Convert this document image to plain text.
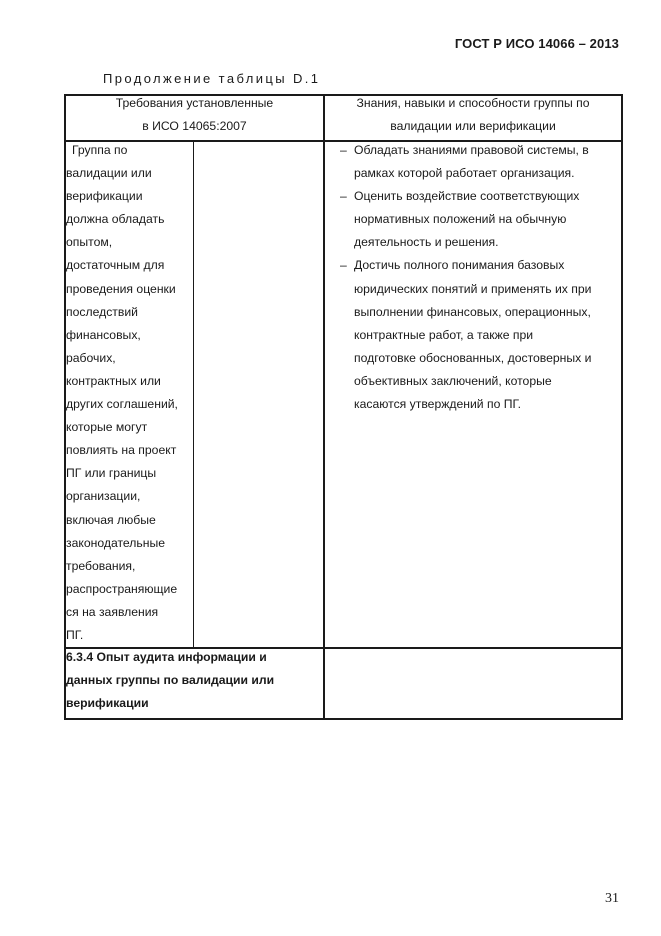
ГОСТ Р ИСО 14066 – 2013
Продолжение таблицы D.1
Требования установленные
в ИСО 14065:2007
Знания, навыки и способности группы по
валидации или верификации
Группа по
валидации или
верификации
должна обладать
опытом,
достаточным для
проведения оценки
последствий
финансовых,
рабочих,
контрактных или
других соглашений,
которые могут
повлиять на проект
ПГ или границы
организации,
включая любые
законодательные
требования,
распространяющие
ся на заявления
ПГ.
– Обладать знаниями правовой системы, в
рамках которой работает организация.
– Оценить воздействие соответствующих
нормативных положений на обычную
деятельность и решения.
– Достичь полного понимания базовых
юридических понятий и применять их при
выполнении финансовых, операционных,
контрактные работ, а также при
подготовке обоснованных, достоверных и
объективных заключений, которые
касаются утверждений по ПГ.
6.3.4 Опыт аудита информации и
данных группы по валидации или
верификации
31
